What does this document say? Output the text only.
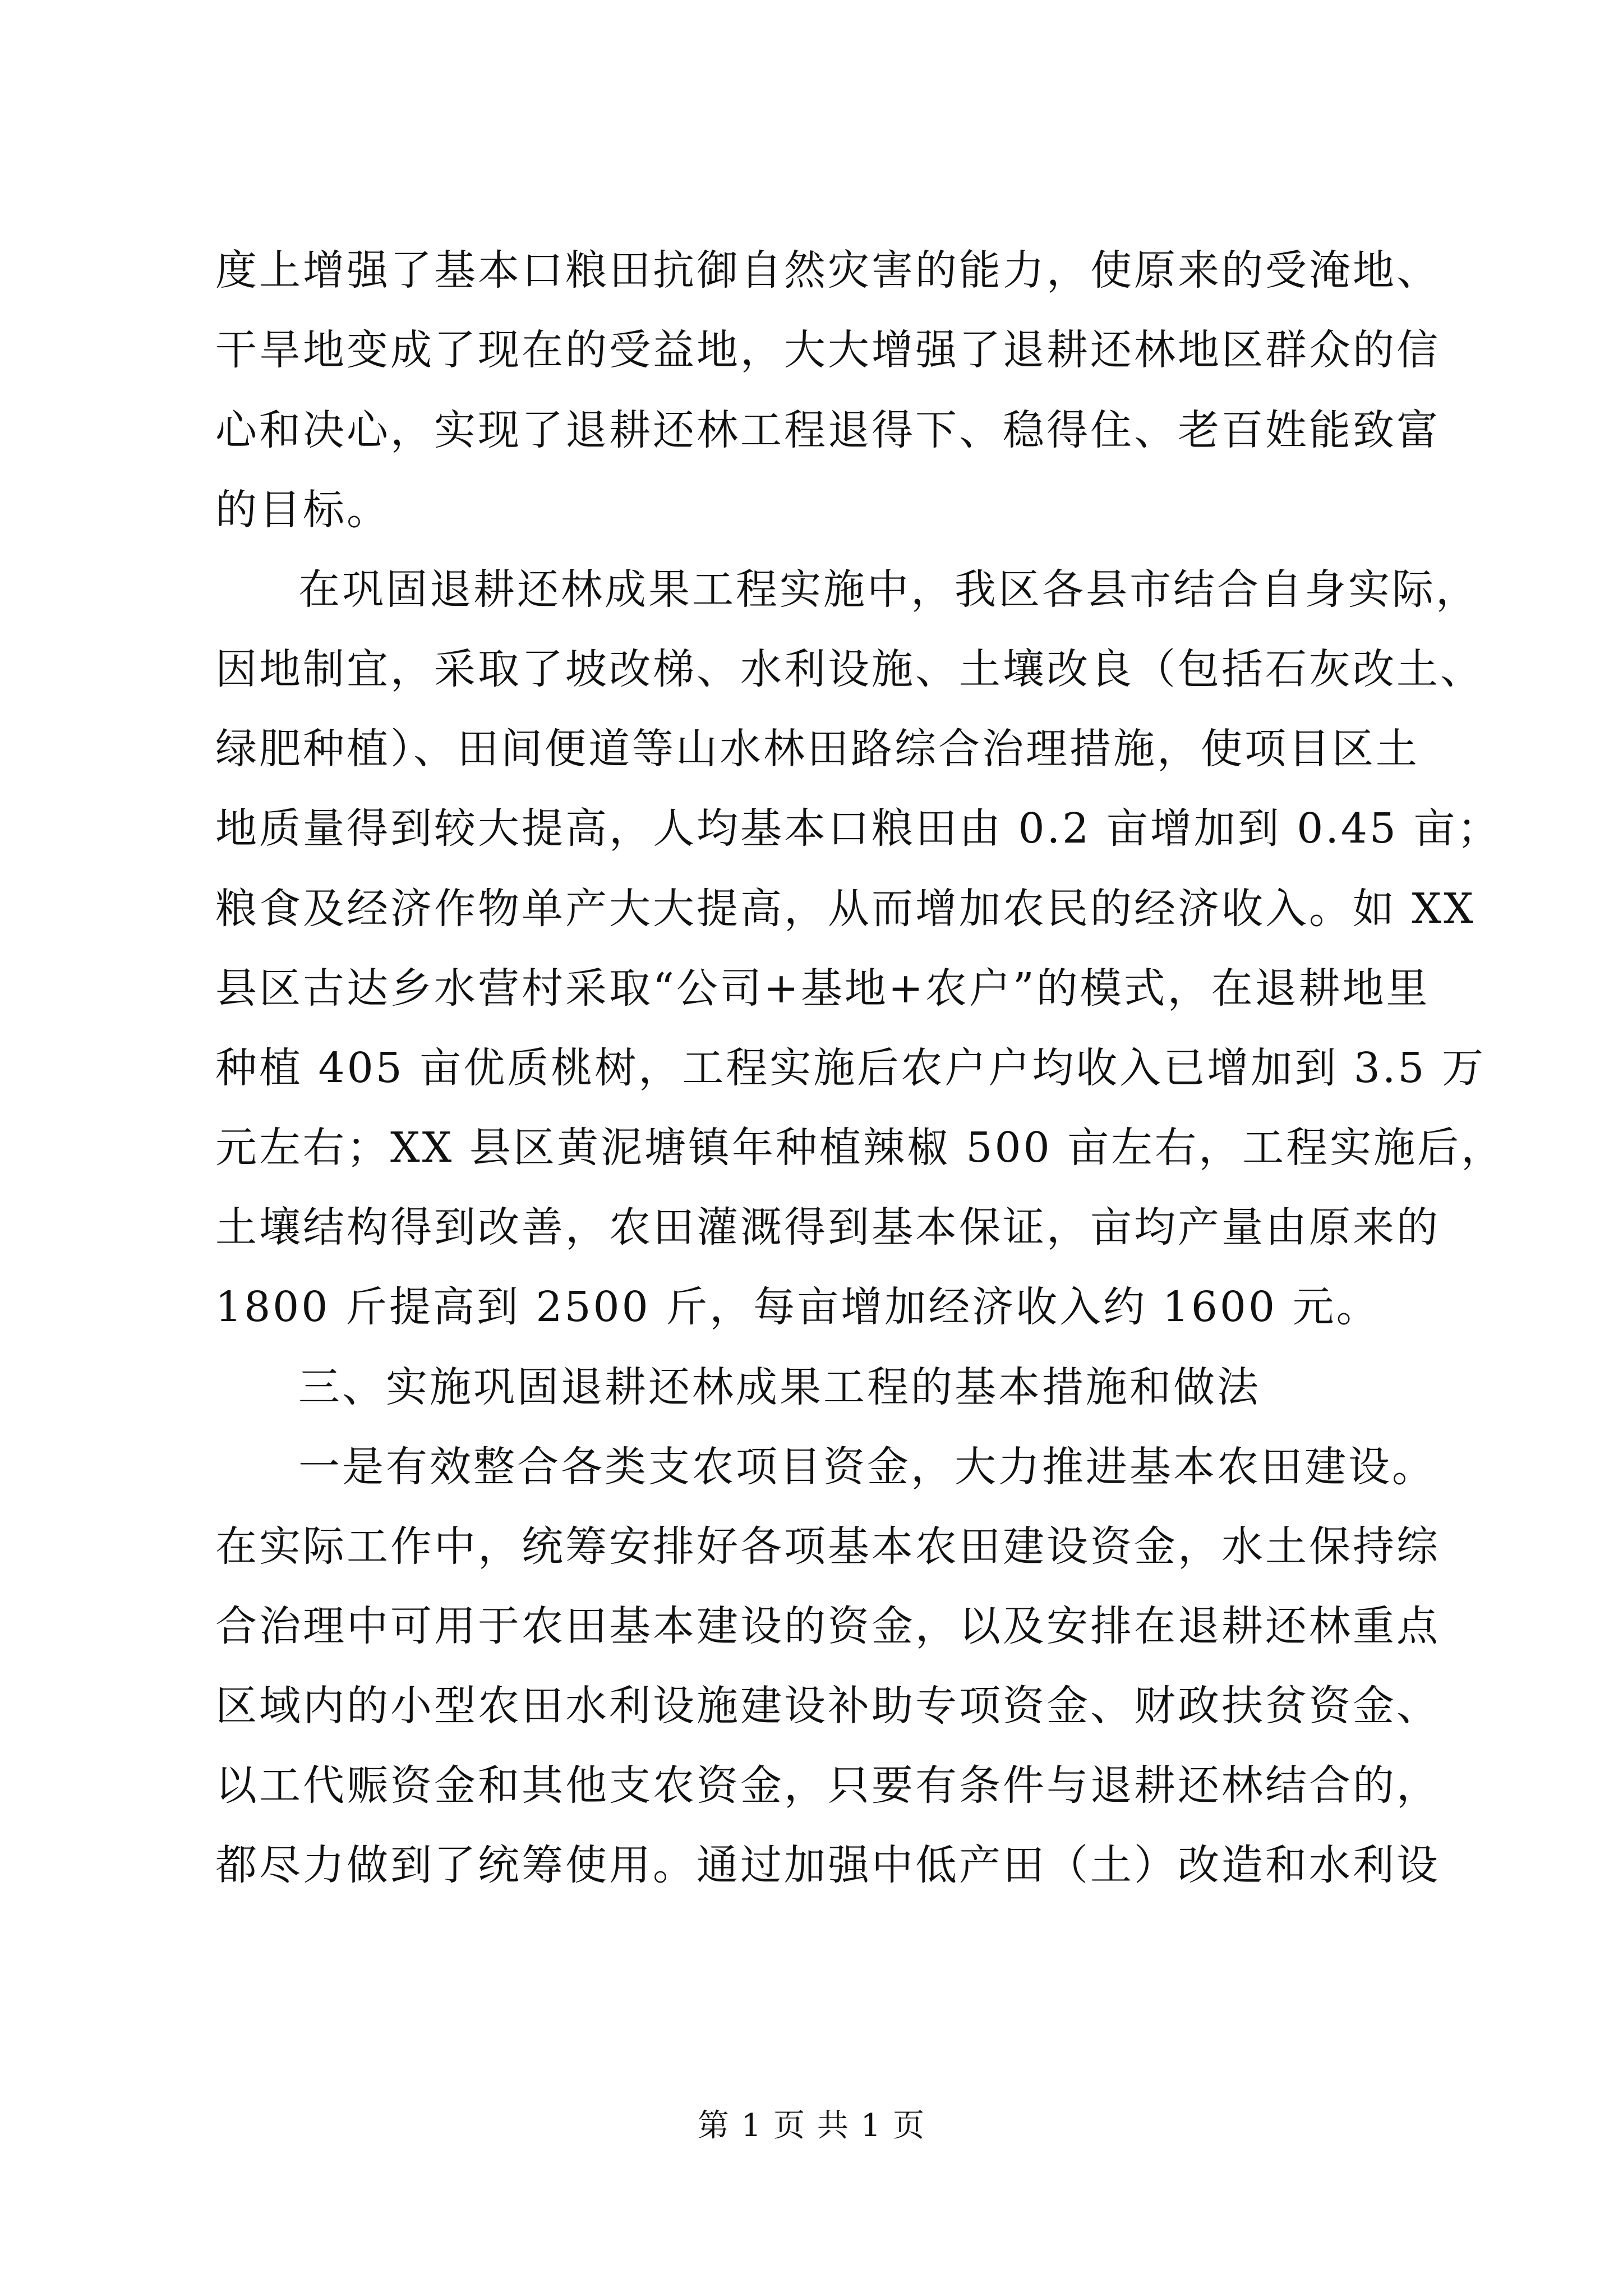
度上增强了基本口粮田抗御自然灾害的能力，使原来的受淹地、
干旱地变成了现在的受益地，大大增强了退耕还林地区群众的信
心和决心，实现了退耕还林工程退得下、稳得住、老百姓能致富
的目标。
在巩固退耕还林成果工程实施中，我区各县市结合自身实际，
因地制宜，采取了坡改梯、水利设施、土壤改良（包括石灰改土、
绿肥种植）、田间便道等山水林田路综合治理措施，使项目区土
地质量得到较大提高，人均基本口粮田由 0.2 亩增加到 0.45 亩；
粮食及经济作物单产大大提高，从而增加农民的经济收入。如 XX
县区古达乡水营村采取“公司+基地+农户”的模式，在退耕地里
种植 405 亩优质桃树，工程实施后农户户均收入已增加到 3.5 万
元左右；XX 县区黄泥塘镇年种植辣椒 500 亩左右，工程实施后，
土壤结构得到改善，农田灌溉得到基本保证，亩均产量由原来的
1800 斤提高到 2500 斤，每亩增加经济收入约 1600 元。
三、实施巩固退耕还林成果工程的基本措施和做法
一是有效整合各类支农项目资金，大力推进基本农田建设。
在实际工作中，统筹安排好各项基本农田建设资金，水土保持综
合治理中可用于农田基本建设的资金，以及安排在退耕还林重点
区域内的小型农田水利设施建设补助专项资金、财政扶贫资金、
以工代赈资金和其他支农资金，只要有条件与退耕还林结合的，
都尽力做到了统筹使用。通过加强中低产田（土）改造和水利设
第 1 页 共 1 页
